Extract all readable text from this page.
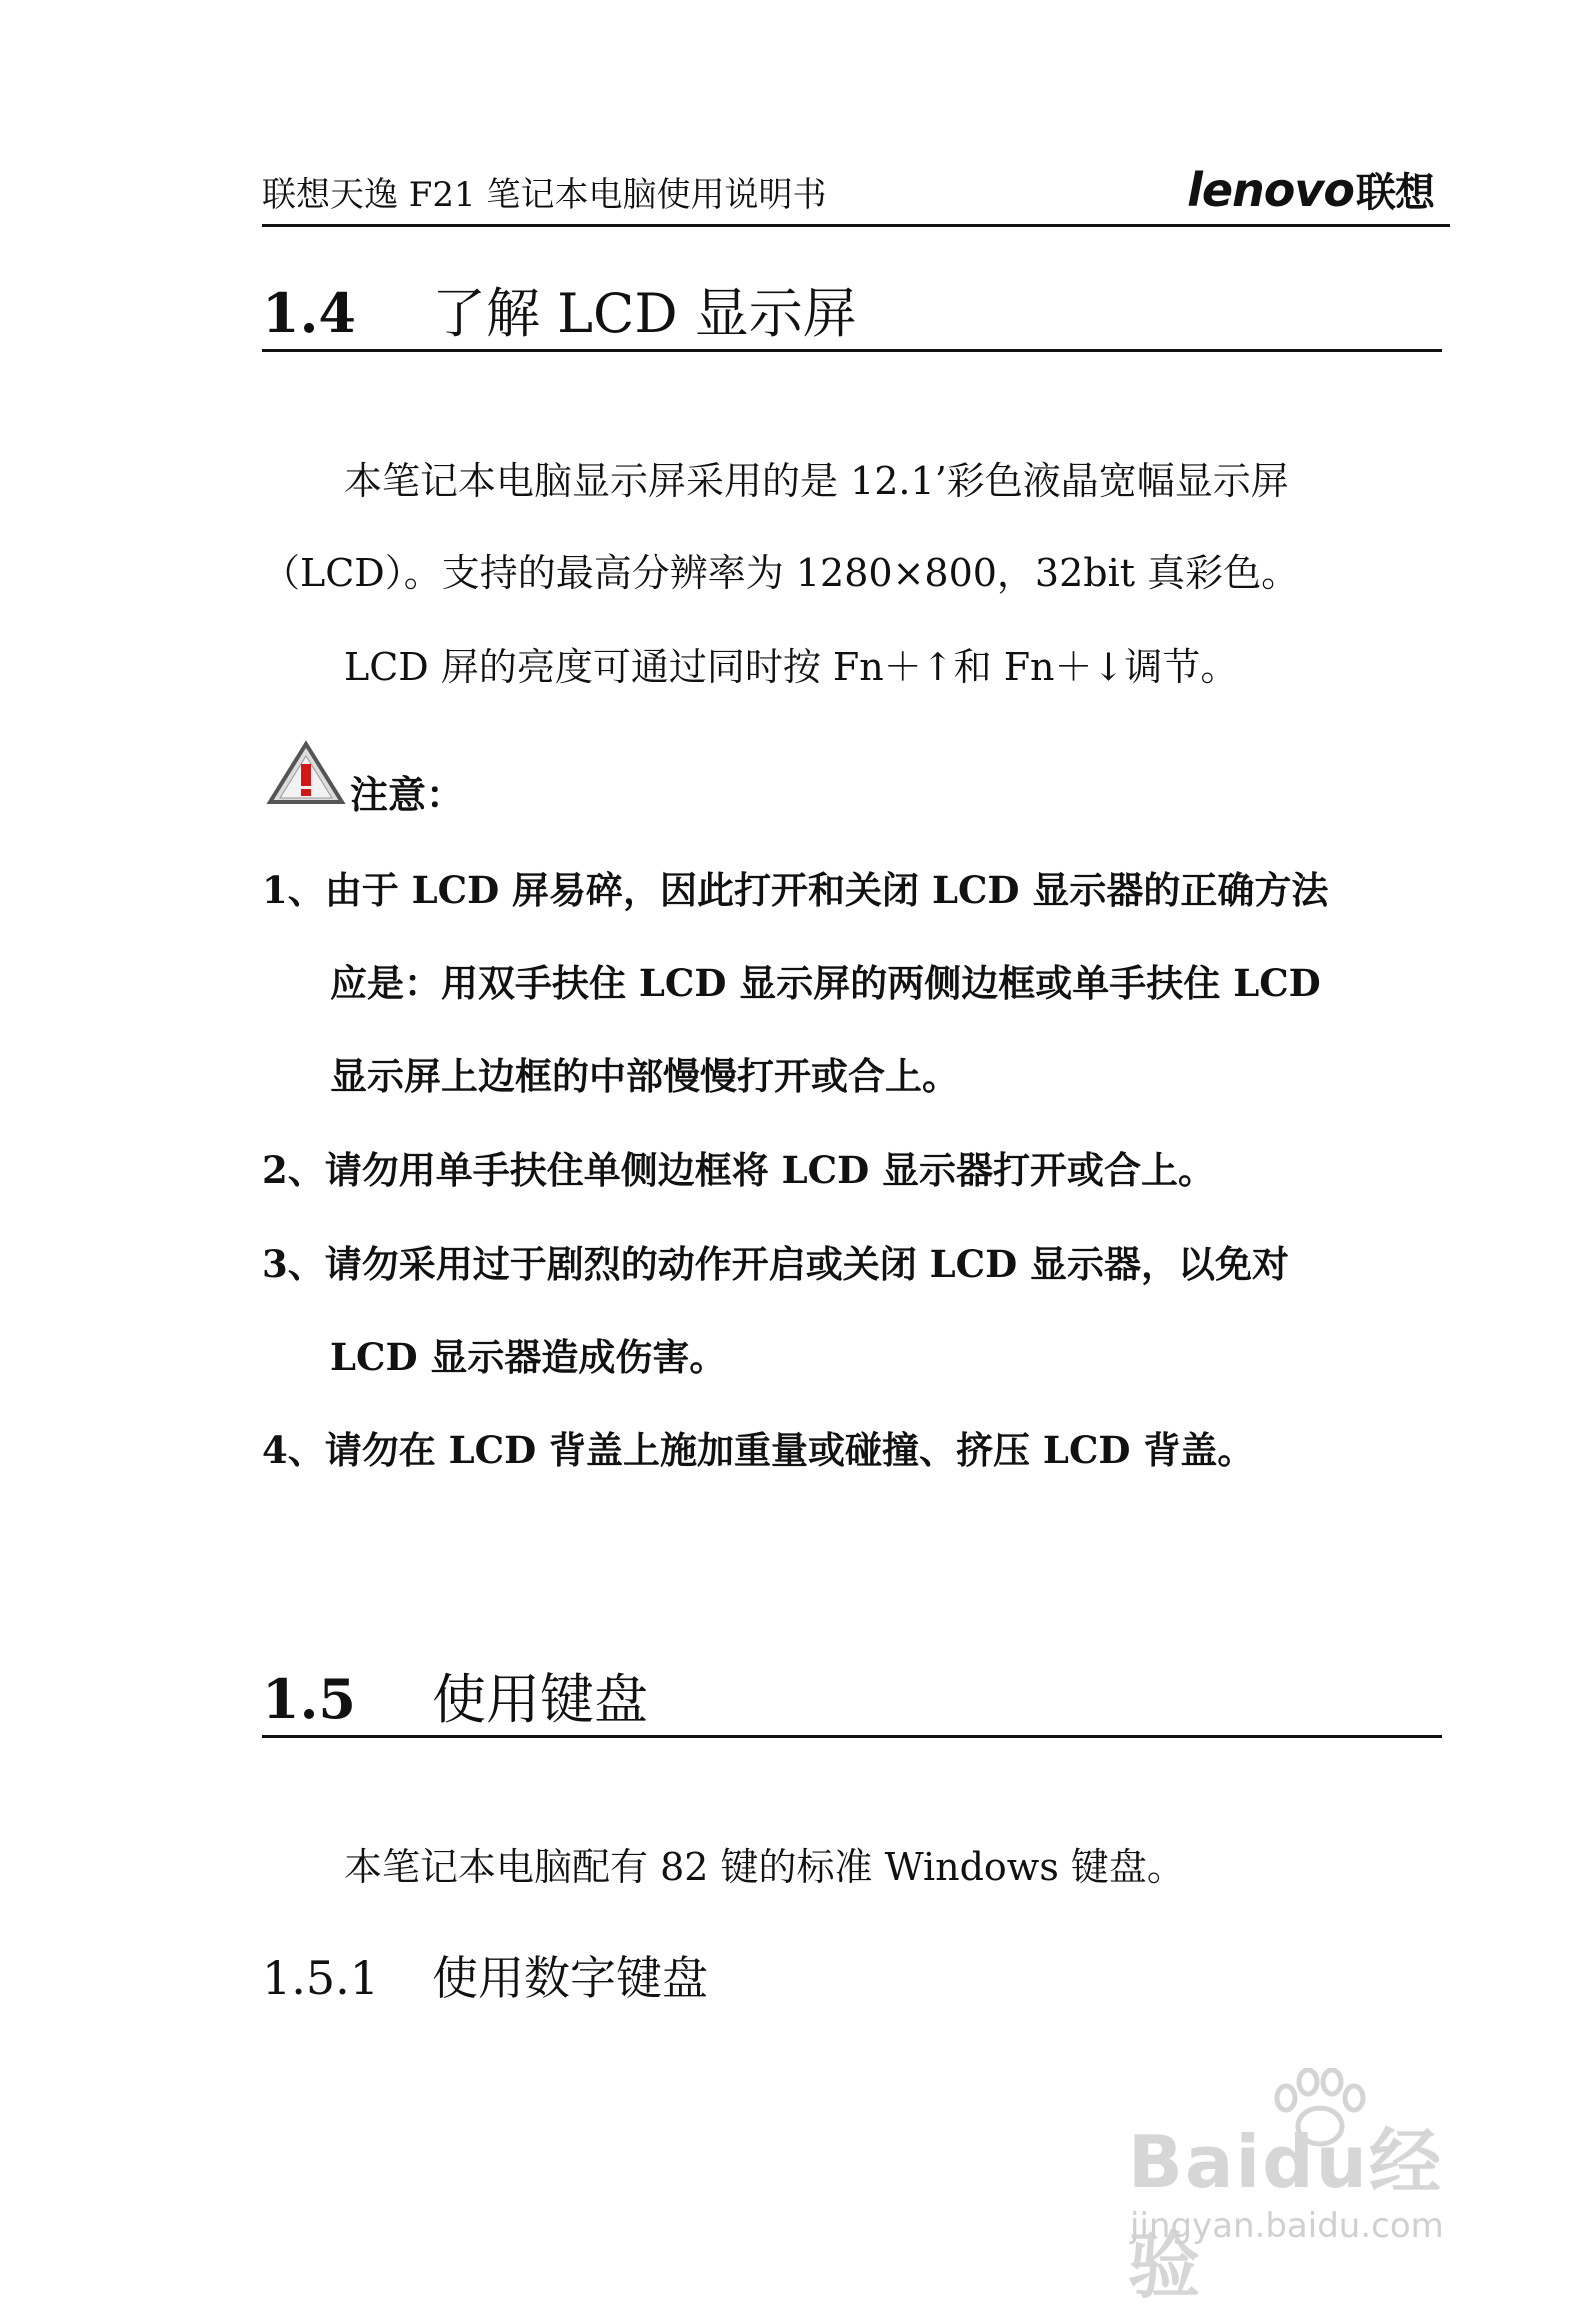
联想天逸 F21 笔记本电脑使用说明书	lenovo联想
1.4 了解 LCD 显示屏
本笔记本电脑显示屏采用的是 12.1’彩色液晶宽幅显示屏
（LCD）。支持的最高分辨率为 1280×800，32bit 真彩色。
LCD 屏的亮度可通过同时按 Fn＋↑和 Fn＋↓调节。
注意：
1、由于 LCD 屏易碎，因此打开和关闭 LCD 显示器的正确方法
应是：用双手扶住 LCD 显示屏的两侧边框或单手扶住 LCD
显示屏上边框的中部慢慢打开或合上。
2、请勿用单手扶住单侧边框将 LCD 显示器打开或合上。
3、请勿采用过于剧烈的动作开启或关闭 LCD 显示器，以免对
LCD 显示器造成伤害。
4、请勿在 LCD 背盖上施加重量或碰撞、挤压 LCD 背盖。
1.5 使用键盘
本笔记本电脑配有 82 键的标准 Windows 键盘。
1.5.1 使用数字键盘
Baidu经验
jingyan.baidu.com
